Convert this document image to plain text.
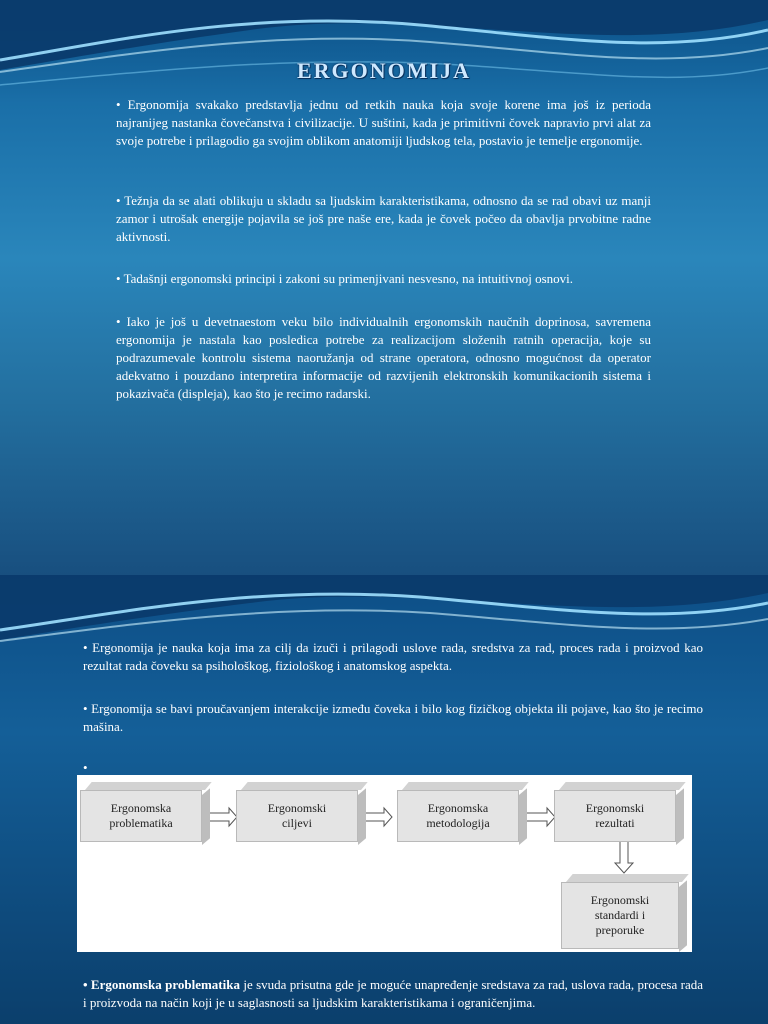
ERGONOMIJA

• Ergonomija svakako predstavlja jednu od retkih nauka koja svoje korene ima još iz perioda najranijeg nastanka čovečanstva i civilizacije. U suštini, kada je primitivni čovek napravio prvi alat za svoje potrebe i prilagodio ga svojim oblikom anatomiji ljudskog tela, postavio je temelje ergonomije.

• Težnja da se alati oblikuju u skladu sa ljudskim karakteristikama, odnosno da se rad obavi uz manji zamor i utrošak energije pojavila se još pre naše ere, kada je čovek počeo da obavlja prvobitne radne aktivnosti.

• Tadašnji ergonomski principi i zakoni su primenjivani nesvesno, na intuitivnoj osnovi.

• Iako je još u devetnaestom veku bilo individualnih ergonomskih naučnih doprinosa, savremena ergonomija je nastala kao posledica potrebe za realizacijom složenih ratnih operacija, koje su podrazumevale kontrolu sistema naoružanja od strane operatora, odnosno mogućnost da operator adekvatno i pouzdano interpretira informacije od razvijenih elektronskih komunikacionih sistema i pokazivača (displeja), kao što je recimo radarski.

• Ergonomija je nauka koja ima za cilj da izuči i prilagodi uslove rada, sredstva za rad, proces rada i proizvod kao rezultat rada čoveku sa psihološkog, fiziološkog i anatomskog aspekta.

• Ergonomija se bavi proučavanjem interakcije između čoveka i bilo kog fizičkog objekta ili pojave, kao što je recimo mašina.

•

Ergonomska
problematika
Ergonomski
ciljevi
Ergonomska
metodologija
Ergonomski
rezultati
Ergonomski
standardi i
preporuke

• Ergonomska problematika je svuda prisutna gde je moguće unapređenje sredstava za rad, uslova rada, procesa rada i proizvoda na način koji je u saglasnosti sa ljudskim karakteristikama i ograničenjima.
